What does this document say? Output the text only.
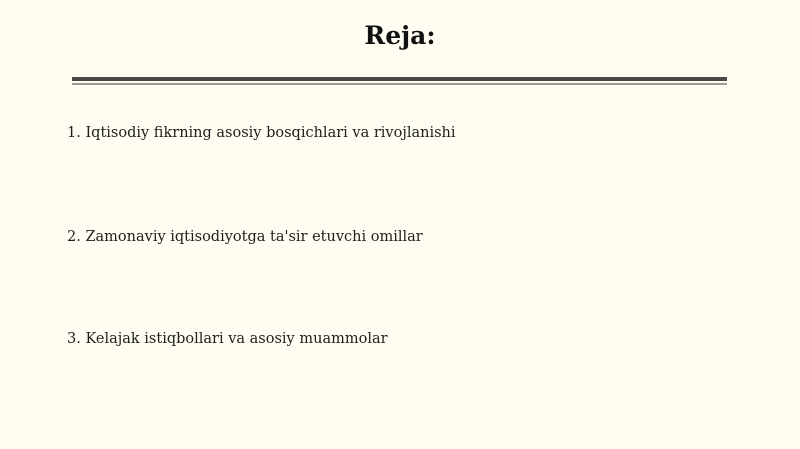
Reja:
1. Iqtisodiy fikrning asosiy bosqichlari va rivojlanishi
2. Zamonaviy iqtisodiyotga ta'sir etuvchi omillar
3. Kelajak istiqbollari va asosiy muammolar
